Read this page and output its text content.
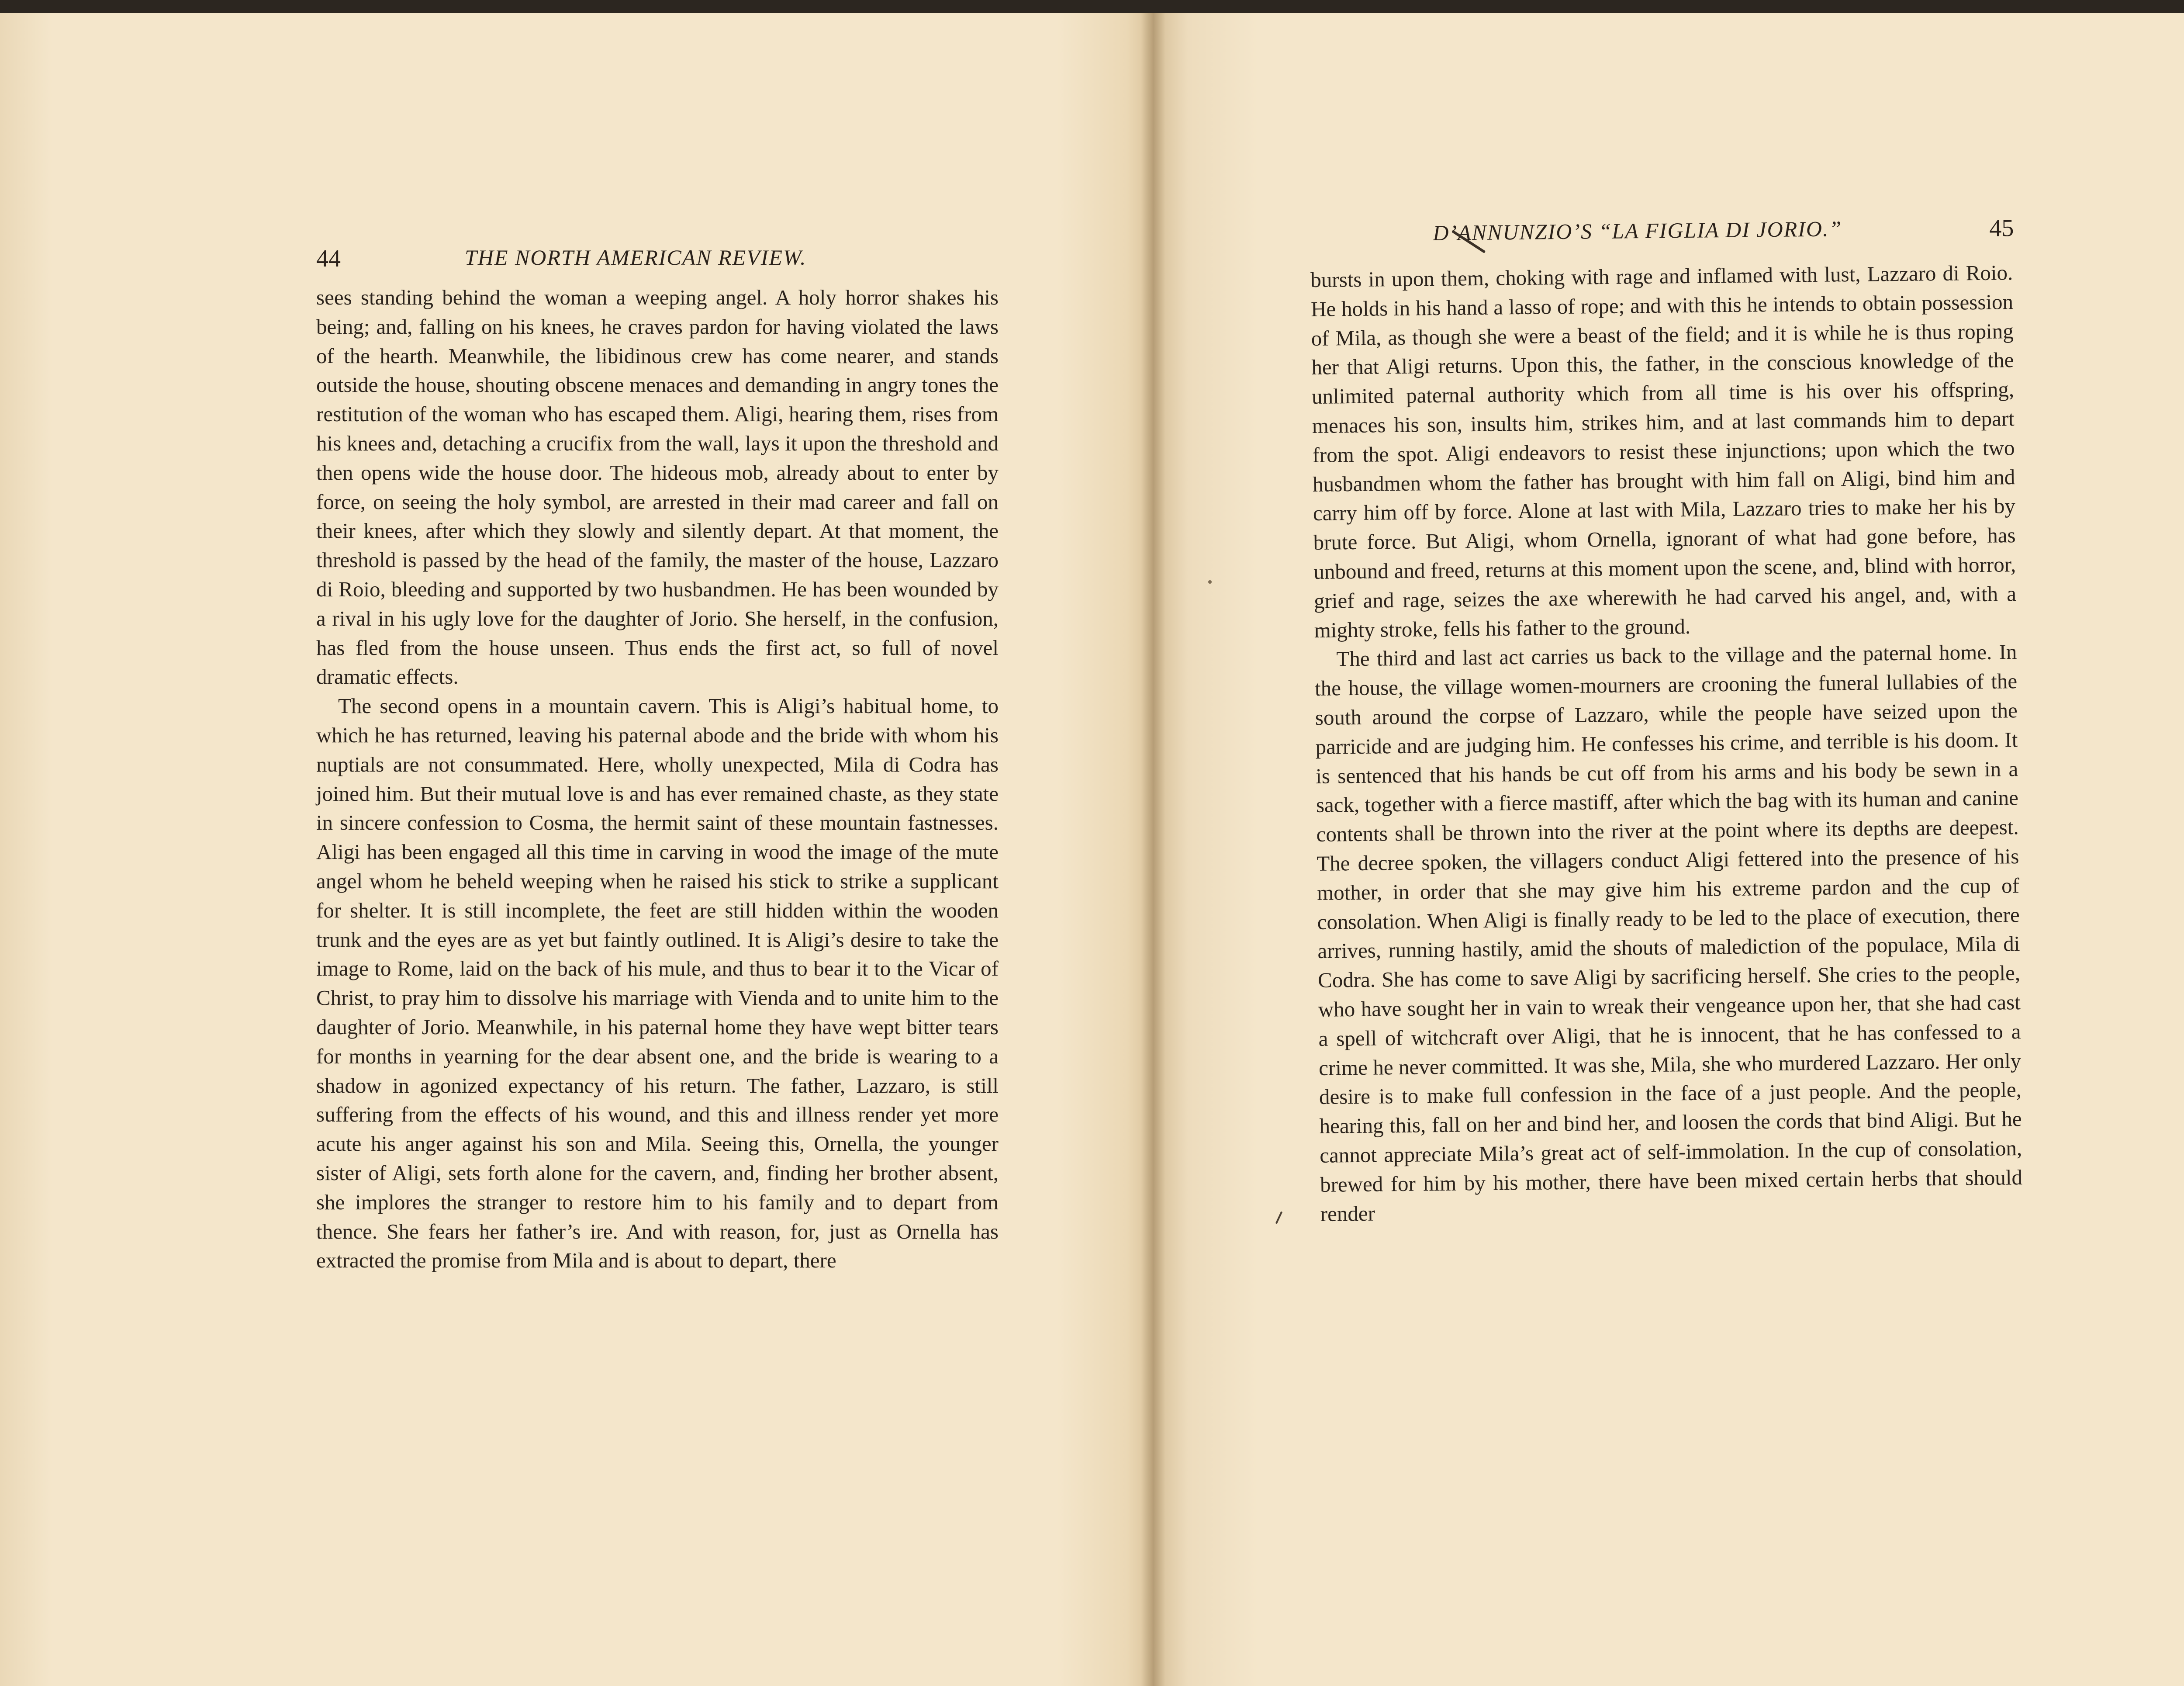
44	THE NORTH AMERICAN REVIEW.

sees standing behind the woman a weeping angel. A holy horror shakes his being; and, falling on his knees, he craves pardon for having violated the laws of the hearth. Meanwhile, the libidinous crew has come nearer, and stands outside the house, shouting obscene menaces and demanding in angry tones the restitution of the woman who has escaped them. Aligi, hearing them, rises from his knees and, detaching a crucifix from the wall, lays it upon the threshold and then opens wide the house door. The hideous mob, already about to enter by force, on seeing the holy symbol, are arrested in their mad career and fall on their knees, after which they slowly and silently depart. At that moment, the threshold is passed by the head of the family, the master of the house, Lazzaro di Roio, bleeding and supported by two husbandmen. He has been wounded by a rival in his ugly love for the daughter of Jorio. She herself, in the confusion, has fled from the house unseen. Thus ends the first act, so full of novel dramatic effects.

The second opens in a mountain cavern. This is Aligi’s habitual home, to which he has returned, leaving his paternal abode and the bride with whom his nuptials are not consummated. Here, wholly unexpected, Mila di Codra has joined him. But their mutual love is and has ever remained chaste, as they state in sincere confession to Cosma, the hermit saint of these mountain fastnesses. Aligi has been engaged all this time in carving in wood the image of the mute angel whom he beheld weeping when he raised his stick to strike a supplicant for shelter. It is still incomplete, the feet are still hidden within the wooden trunk and the eyes are as yet but faintly outlined. It is Aligi’s desire to take the image to Rome, laid on the back of his mule, and thus to bear it to the Vicar of Christ, to pray him to dissolve his marriage with Vienda and to unite him to the daughter of Jorio. Meanwhile, in his paternal home they have wept bitter tears for months in yearning for the dear absent one, and the bride is wearing to a shadow in agonized expectancy of his return. The father, Lazzaro, is still suffering from the effects of his wound, and this and illness render yet more acute his anger against his son and Mila. Seeing this, Ornella, the younger sister of Aligi, sets forth alone for the cavern, and, finding her brother absent, she implores the stranger to restore him to his family and to depart from thence. She fears her father’s ire. And with reason, for, just as Ornella has extracted the promise from Mila and is about to depart, there

D’ANNUNZIO’S “LA FIGLIA DI JORIO.”	45

bursts in upon them, choking with rage and inflamed with lust, Lazzaro di Roio. He holds in his hand a lasso of rope; and with this he intends to obtain possession of Mila, as though she were a beast of the field; and it is while he is thus roping her that Aligi returns. Upon this, the father, in the conscious knowledge of the unlimited paternal authority which from all time is his over his offspring, menaces his son, insults him, strikes him, and at last commands him to depart from the spot. Aligi endeavors to resist these injunctions; upon which the two husbandmen whom the father has brought with him fall on Aligi, bind him and carry him off by force. Alone at last with Mila, Lazzaro tries to make her his by brute force. But Aligi, whom Ornella, ignorant of what had gone before, has unbound and freed, returns at this moment upon the scene, and, blind with horror, grief and rage, seizes the axe wherewith he had carved his angel, and, with a mighty stroke, fells his father to the ground.

The third and last act carries us back to the village and the paternal home. In the house, the village women-mourners are crooning the funeral lullabies of the south around the corpse of Lazzaro, while the people have seized upon the parricide and are judging him. He confesses his crime, and terrible is his doom. It is sentenced that his hands be cut off from his arms and his body be sewn in a sack, together with a fierce mastiff, after which the bag with its human and canine contents shall be thrown into the river at the point where its depths are deepest. The decree spoken, the villagers conduct Aligi fettered into the presence of his mother, in order that she may give him his extreme pardon and the cup of consolation. When Aligi is finally ready to be led to the place of execution, there arrives, running hastily, amid the shouts of malediction of the populace, Mila di Codra. She has come to save Aligi by sacrificing herself. She cries to the people, who have sought her in vain to wreak their vengeance upon her, that she had cast a spell of witchcraft over Aligi, that he is innocent, that he has confessed to a crime he never committed. It was she, Mila, she who murdered Lazzaro. Her only desire is to make full confession in the face of a just people. And the people, hearing this, fall on her and bind her, and loosen the cords that bind Aligi. But he cannot appreciate Mila’s great act of self-immolation. In the cup of consolation, brewed for him by his mother, there have been mixed certain herbs that should render
